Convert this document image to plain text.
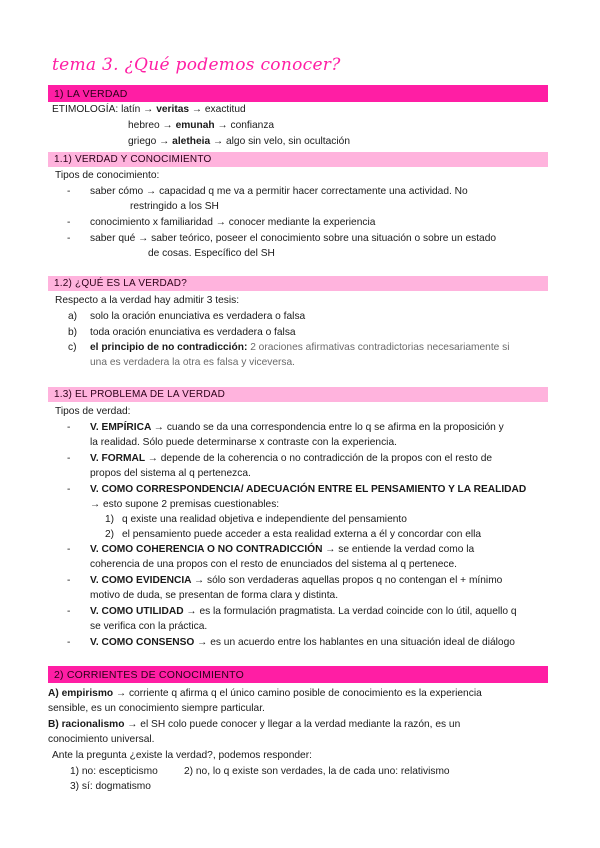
tema 3. ¿Qué podemos conocer?
1) LA VERDAD
ETIMOLOGÍA: latín → veritas → exactitud
hebreo → emunah → confianza
griego → aletheia → algo sin velo, sin ocultación
1.1) VERDAD Y CONOCIMIENTO
Tipos de conocimiento:
- saber cómo → capacidad q me va a permitir hacer correctamente una actividad. No
restringido a los SH
- conocimiento x familiaridad → conocer mediante la experiencia
- saber qué → saber teórico, poseer el conocimiento sobre una situación o sobre un estado
de cosas. Específico del SH
1.2) ¿QUÉ ES LA VERDAD?
Respecto a la verdad hay admitir 3 tesis:
a) solo la oración enunciativa es verdadera o falsa
b) toda oración enunciativa es verdadera o falsa
c) el principio de no contradicción: 2 oraciones afirmativas contradictorias necesariamente si
una es verdadera la otra es falsa y viceversa.
1.3) EL PROBLEMA DE LA VERDAD
Tipos de verdad:
- V. EMPÍRICA → cuando se da una correspondencia entre lo q se afirma en la proposición y
la realidad. Sólo puede determinarse x contraste con la experiencia.
- V. FORMAL → depende de la coherencia o no contradicción de la propos con el resto de
propos del sistema al q pertenezca.
- V. COMO CORRESPONDENCIA/ ADECUACIÓN ENTRE EL PENSAMIENTO Y LA REALIDAD
→ esto supone 2 premisas cuestionables:
1) q existe una realidad objetiva e independiente del pensamiento
2) el pensamiento puede acceder a esta realidad externa a él y concordar con ella
- V. COMO COHERENCIA O NO CONTRADICCIÓN → se entiende la verdad como la
coherencia de una propos con el resto de enunciados del sistema al q pertenece.
- V. COMO EVIDENCIA → sólo son verdaderas aquellas propos q no contengan el + mínimo
motivo de duda, se presentan de forma clara y distinta.
- V. COMO UTILIDAD → es la formulación pragmatista. La verdad coincide con lo útil, aquello q
se verifica con la práctica.
- V. COMO CONSENSO → es un acuerdo entre los hablantes en una situación ideal de diálogo
2) CORRIENTES DE CONOCIMIENTO
A) empirismo → corriente q afirma q el único camino posible de conocimiento es la experiencia
sensible, es un conocimiento siempre particular.
B) racionalismo → el SH colo puede conocer y llegar a la verdad mediante la razón, es un
conocimiento universal.
Ante la pregunta ¿existe la verdad?, podemos responder:
1) no: escepticismo	2) no, lo q existe son verdades, la de cada uno: relativismo
3) sí: dogmatismo
